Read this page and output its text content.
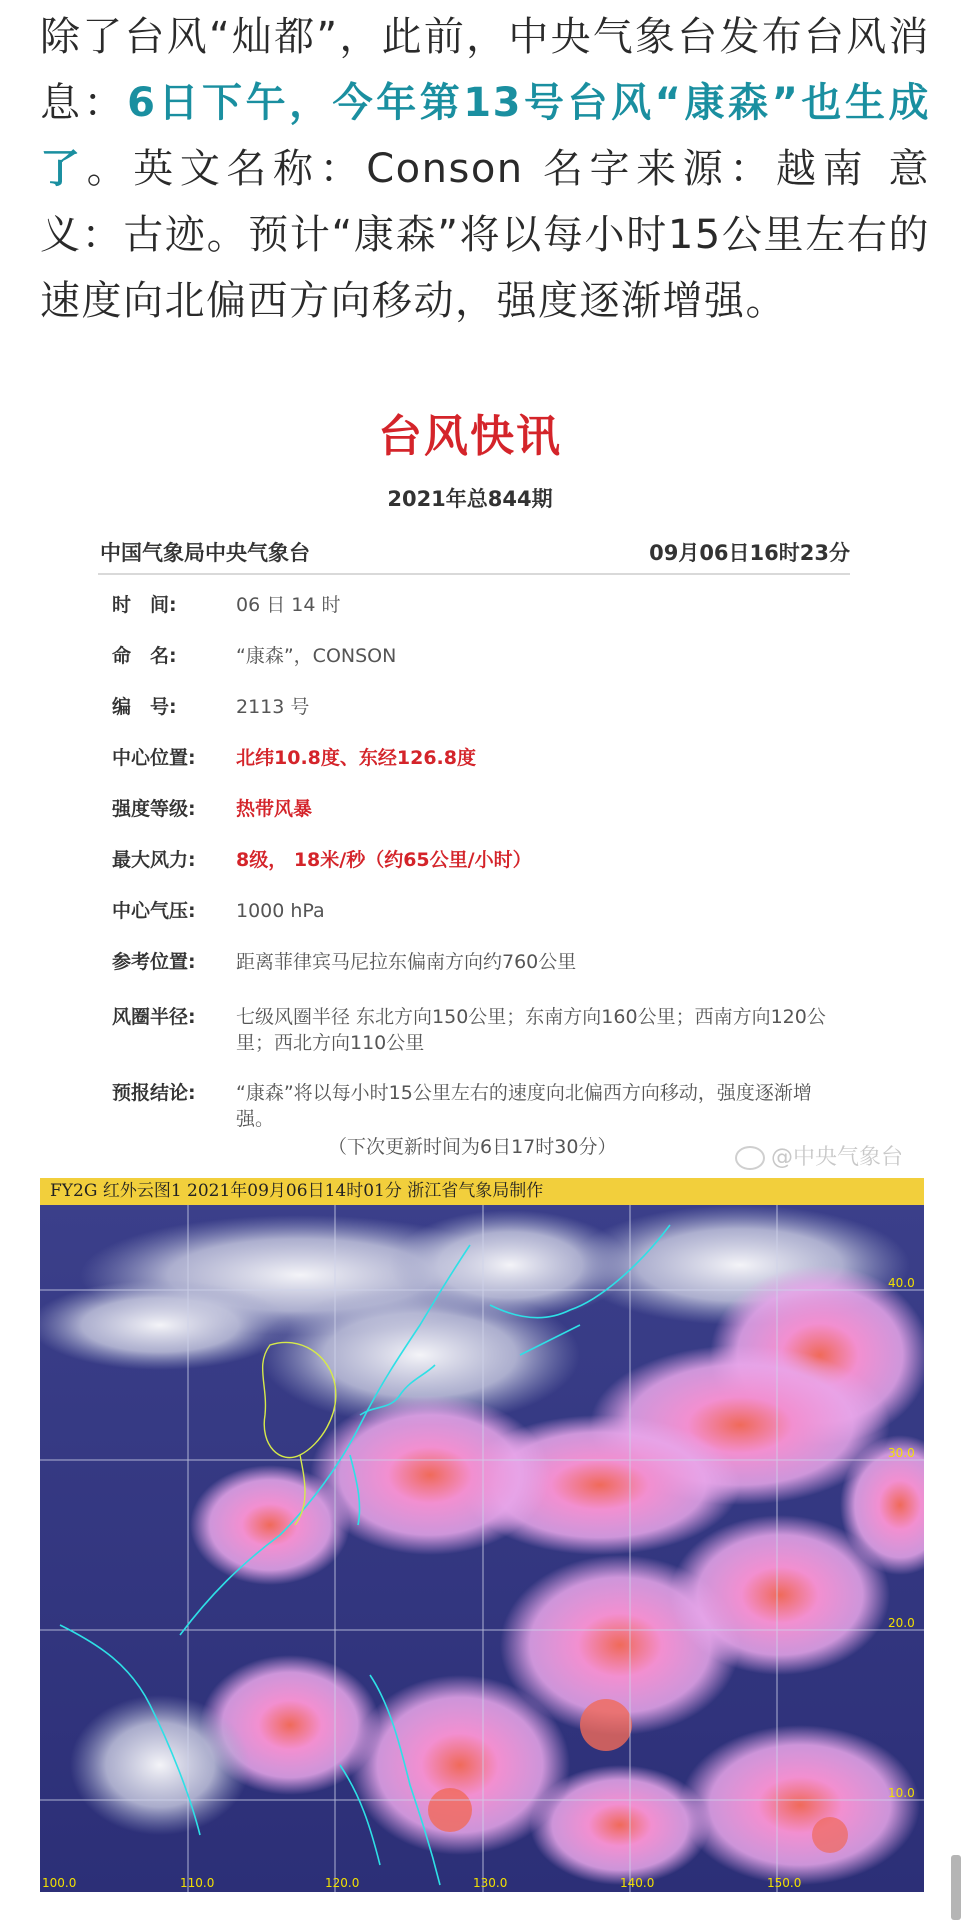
除了台风“灿都”，此前，中央气象台发布台风消息：6日下午，今年第13号台风“康森”也生成了。英文名称：Conson 名字来源：越南 意义：古迹。预计“康森”将以每小时15公里左右的速度向北偏西方向移动，强度逐渐增强。
台风快讯
2021年总844期
中国气象局中央气象台	09月06日16时23分
时　间:	06 日 14 时
命　名:	“康森”，CONSON
编　号:	2113 号
中心位置:	北纬10.8度、东经126.8度
强度等级:	热带风暴
最大风力:	8级， 18米/秒（约65公里/小时）
中心气压:	1000 hPa
参考位置:	距离菲律宾马尼拉东偏南方向约760公里
风圈半径:	七级风圈半径 东北方向150公里；东南方向160公里；西南方向120公里；西北方向110公里
预报结论:	“康森”将以每小时15公里左右的速度向北偏西方向移动，强度逐渐增强。
（下次更新时间为6日17时30分）	@中央气象台
FY2G 红外云图1 2021年09月06日14时01分 浙江省气象局制作
40.0
30.0
20.0
10.0
100.0	110.0	120.0	130.0	140.0	150.0
